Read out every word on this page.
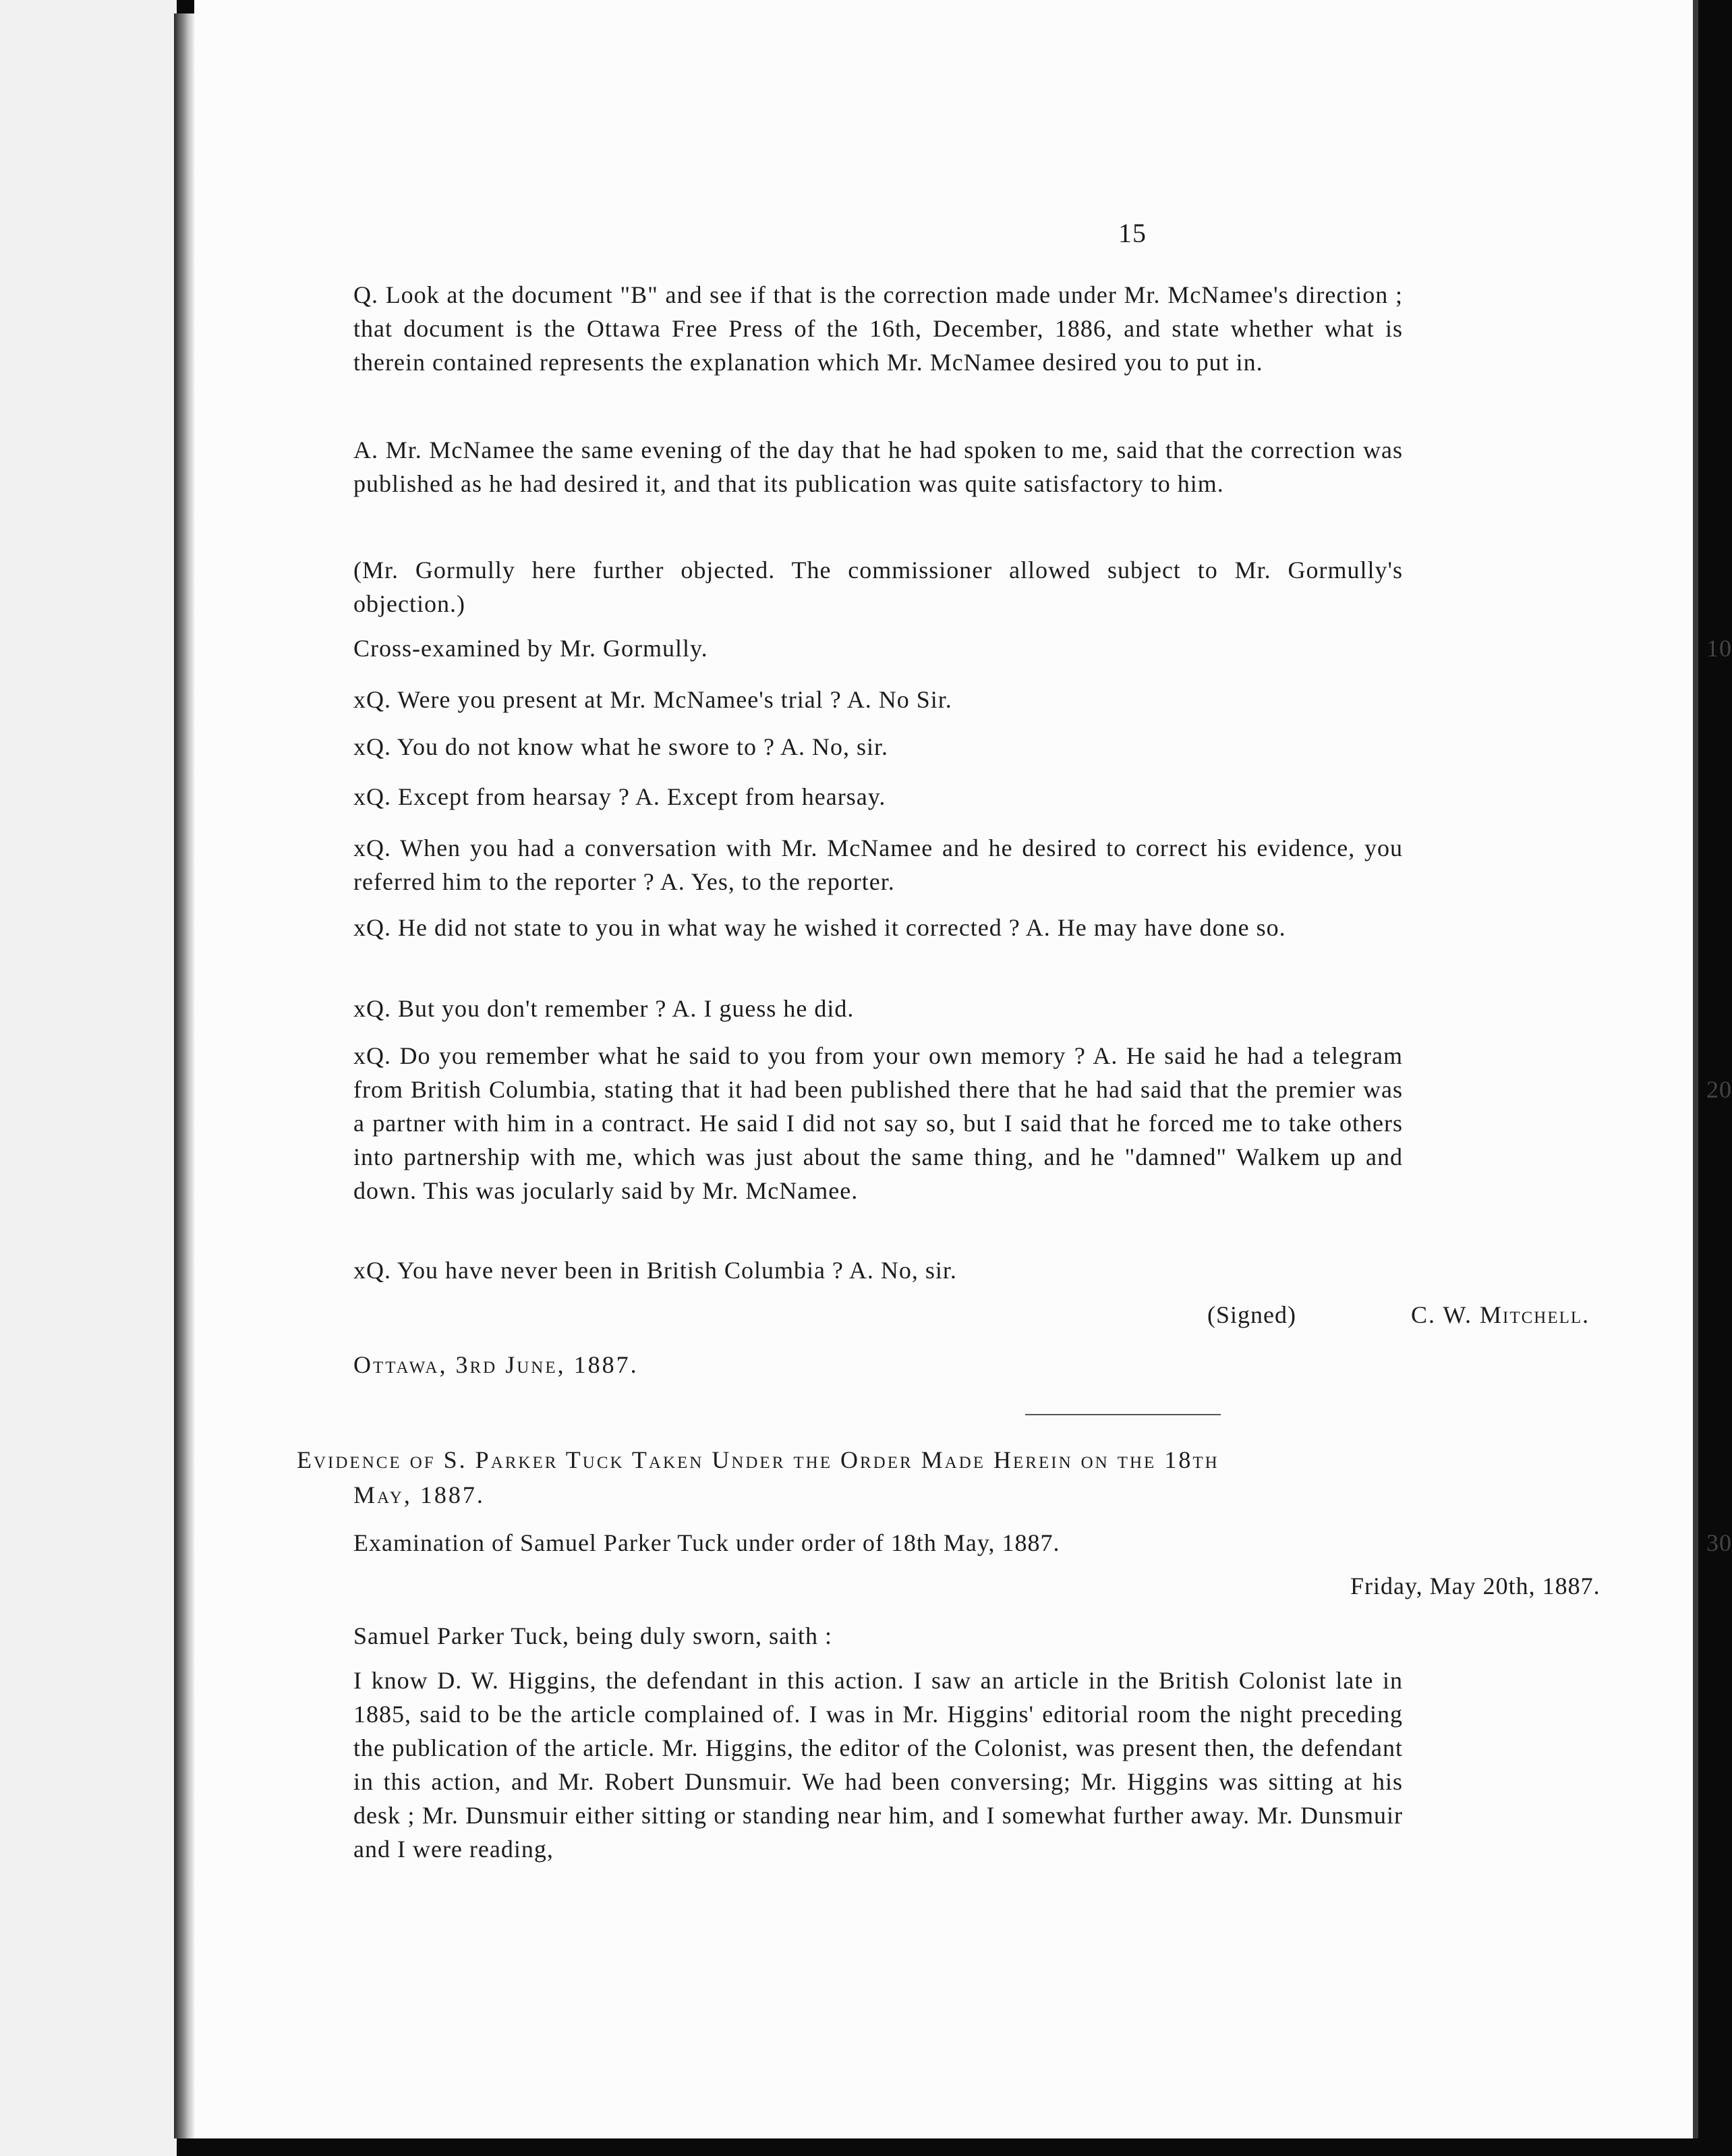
15

Q. Look at the document "B" and see if that is the correction made under Mr. McNamee's direction ; that document is the Ottawa Free Press of the 16th, December, 1886, and state whether what is therein contained represents the explanation which Mr. McNamee desired you to put in.

A. Mr. McNamee the same evening of the day that he had spoken to me, said that the correction was published as he had desired it, and that its publication was quite satisfactory to him.

(Mr. Gormully here further objected. The commissioner allowed subject to Mr. Gormully's objection.)

Cross-examined by Mr. Gormully.

xQ. Were you present at Mr. McNamee's trial ? A. No Sir.

xQ. You do not know what he swore to ? A. No, sir.

xQ. Except from hearsay ? A. Except from hearsay.

xQ. When you had a conversation with Mr. McNamee and he desired to correct his evidence, you referred him to the reporter ? A. Yes, to the reporter.

xQ. He did not state to you in what way he wished it corrected ? A. He may have done so.

xQ. But you don't remember ? A. I guess he did.

xQ. Do you remember what he said to you from your own memory ? A. He said he had a telegram from British Columbia, stating that it had been published there that he had said that the premier was a partner with him in a contract. He said I did not say so, but I said that he forced me to take others into partnership with me, which was just about the same thing, and he "damned" Walkem up and down. This was jocularly said by Mr. McNamee.

xQ. You have never been in British Columbia ? A. No, sir.

(Signed)	C. W. Mitchell.
Ottawa, 3rd June, 1887.
Evidence of S. Parker Tuck Taken Under the Order Made Herein on the 18th
May, 1887.

Examination of Samuel Parker Tuck under order of 18th May, 1887.

Friday, May 20th, 1887.

Samuel Parker Tuck, being duly sworn, saith :

I know D. W. Higgins, the defendant in this action. I saw an article in the British Colonist late in 1885, said to be the article complained of. I was in Mr. Higgins' editorial room the night preceding the publication of the article. Mr. Higgins, the editor of the Colonist, was present then, the defendant in this action, and Mr. Robert Dunsmuir. We had been conversing; Mr. Higgins was sitting at his desk ; Mr. Dunsmuir either sitting or standing near him, and I somewhat further away. Mr. Dunsmuir and I were reading,

10
20
30
